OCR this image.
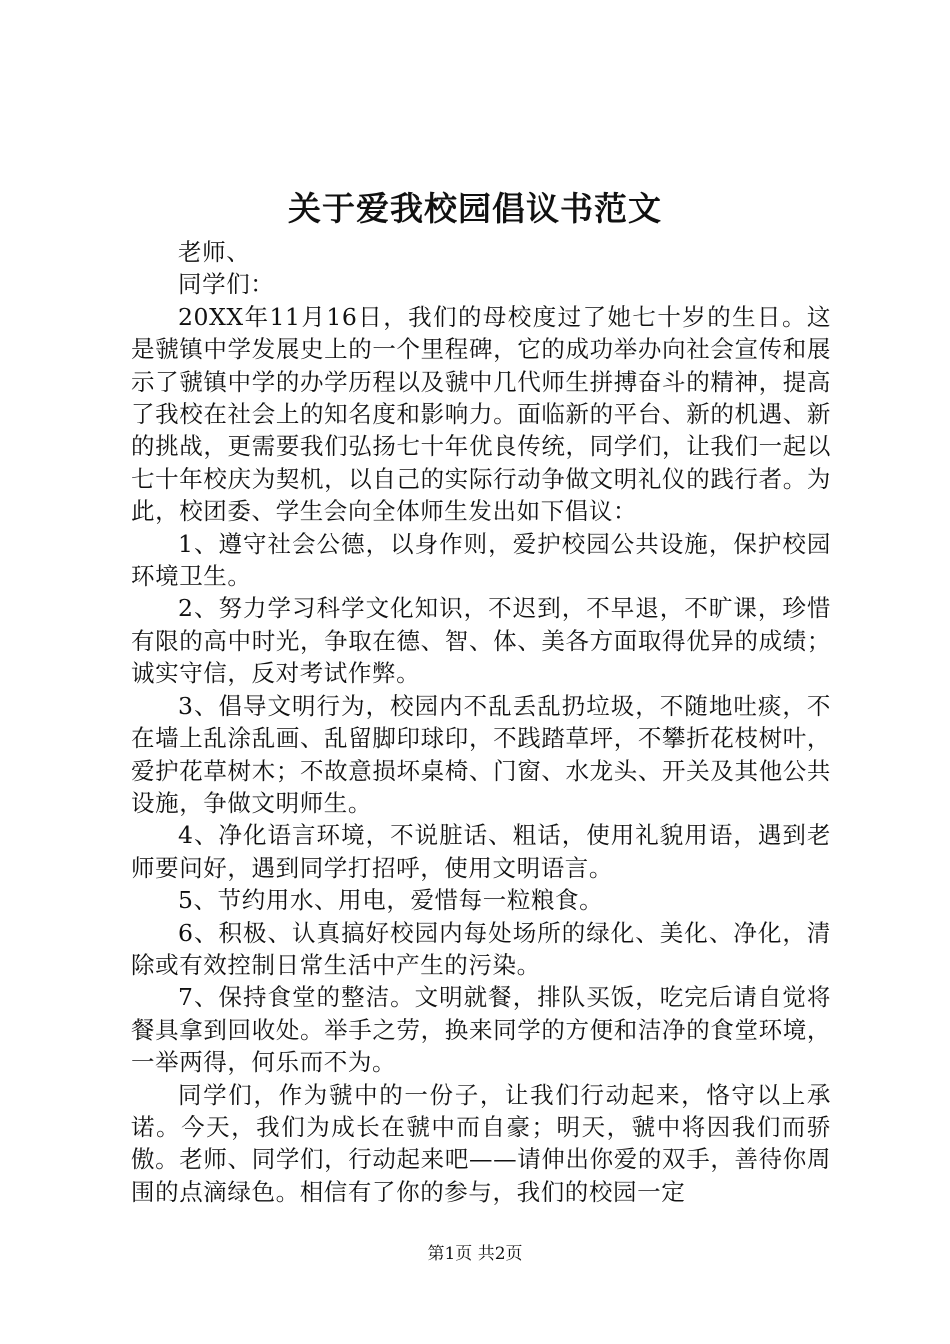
关于爱我校园倡议书范文

老师、

同学们：

20XX年11月16日，我们的母校度过了她七十岁的生日。这是虢镇中学发展史上的一个里程碑，它的成功举办向社会宣传和展示了虢镇中学的办学历程以及虢中几代师生拼搏奋斗的精神，提高了我校在社会上的知名度和影响力。面临新的平台、新的机遇、新的挑战，更需要我们弘扬七十年优良传统，同学们，让我们一起以七十年校庆为契机，以自己的实际行动争做文明礼仪的践行者。为此，校团委、学生会向全体师生发出如下倡议：

1、遵守社会公德，以身作则，爱护校园公共设施，保护校园环境卫生。

2、努力学习科学文化知识，不迟到，不早退，不旷课，珍惜有限的高中时光，争取在德、智、体、美各方面取得优异的成绩；诚实守信，反对考试作弊。

3、倡导文明行为，校园内不乱丢乱扔垃圾，不随地吐痰，不在墙上乱涂乱画、乱留脚印球印，不践踏草坪，不攀折花枝树叶，爱护花草树木；不故意损坏桌椅、门窗、水龙头、开关及其他公共设施，争做文明师生。

4、净化语言环境，不说脏话、粗话，使用礼貌用语，遇到老师要问好，遇到同学打招呼，使用文明语言。

5、节约用水、用电，爱惜每一粒粮食。

6、积极、认真搞好校园内每处场所的绿化、美化、净化，清除或有效控制日常生活中产生的污染。

7、保持食堂的整洁。文明就餐，排队买饭，吃完后请自觉将餐具拿到回收处。举手之劳，换来同学的方便和洁净的食堂环境，一举两得，何乐而不为。

同学们，作为虢中的一份子，让我们行动起来，恪守以上承诺。今天，我们为成长在虢中而自豪；明天，虢中将因我们而骄傲。老师、同学们，行动起来吧——请伸出你爱的双手，善待你周围的点滴绿色。相信有了你的参与，我们的校园一定

第1页 共2页
